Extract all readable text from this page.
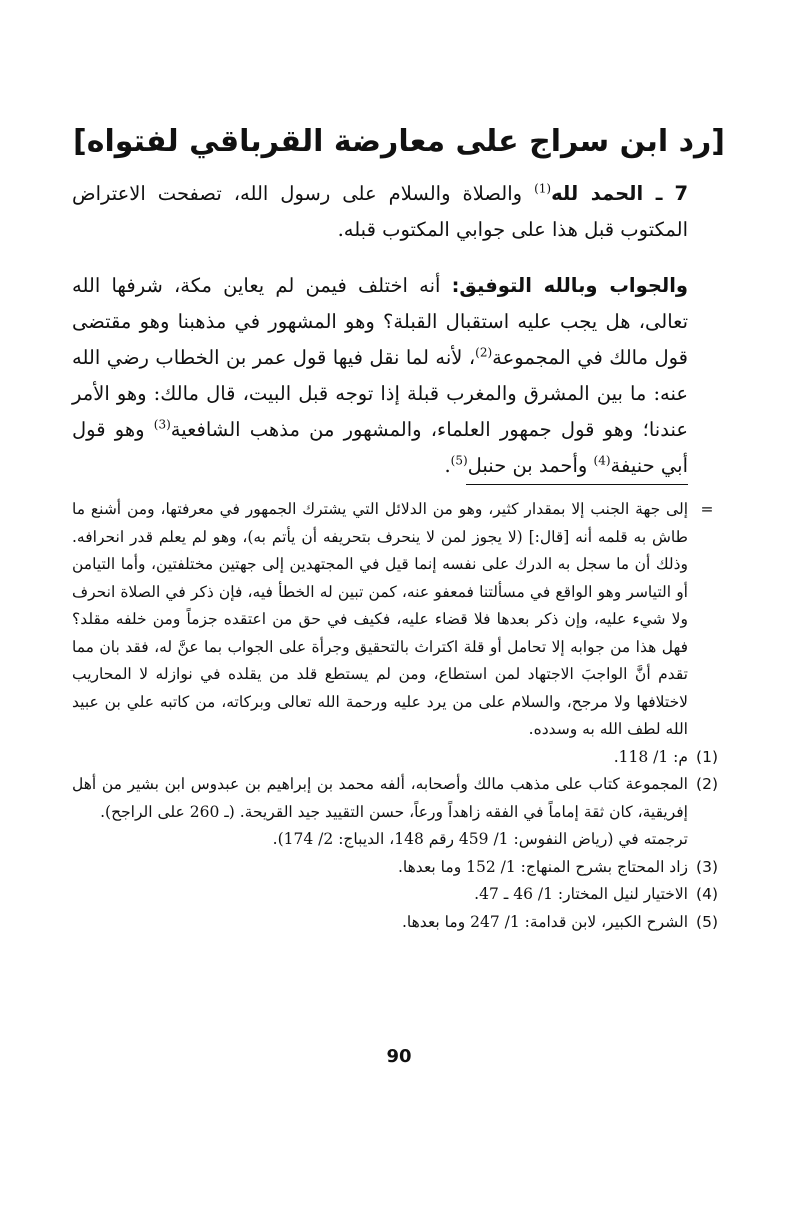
[رد ابن سراج على معارضة القرباقي لفتواه]
7 ـ الحمد لله$^{(1)}$ والصلاة والسلام على رسول الله، تصفحت الاعتراض المكتوب قبل هذا على جوابي المكتوب قبله.
والجواب وبالله التوفيق: أنه اختلف فيمن لم يعاين مكة، شرفها الله تعالى، هل يجب عليه استقبال القبلة؟ وهو المشهور في مذهبنا وهو مقتضى قول مالك في المجموعة$^{(2)}$، لأنه لما نقل فيها قول عمر بن الخطاب رضي الله عنه: ما بين المشرق والمغرب قبلة إذا توجه قبل البيت، قال مالك: وهو الأمر عندنا؛ وهو قول جمهور العلماء، والمشهور من مذهب الشافعية$^{(3)}$ وهو قول أبي حنيفة$^{(4)}$ وأحمد بن حنبل$^{(5)}$.
=
إلى جهة الجنب إلا بمقدار كثير، وهو من الدلائل التي يشترك الجمهور في معرفتها، ومن أشنع ما طاش به قلمه أنه [قال:] (لا يجوز لمن لا ينحرف بتحريفه أن يأتم به)، وهو لم يعلم قدر انحرافه. وذلك أن ما سجل به الدرك على نفسه إنما قيل في المجتهدين إلى جهتين مختلفتين، وأما التيامن أو التياسر وهو الواقع في مسألتنا فمعفو عنه، كمن تبين له الخطأ فيه، فإن ذكر في الصلاة انحرف ولا شيء عليه، وإن ذكر بعدها فلا قضاء عليه، فكيف في حق من اعتقده جزماً ومن خلفه مقلد؟ فهل هذا من جوابه إلا تحامل أو قلة اكتراث بالتحقيق وجرأة على الجواب بما عنَّ له، فقد بان مما تقدم أنَّ الواجبَ الاجتهاد لمن استطاع، ومن لم يستطع قلد من يقلده في نوازله لا المحاريب لاختلافها ولا مرجح، والسلام على من يرد عليه ورحمة الله تعالى وبركاته، من كاتبه علي بن عبيد الله لطف الله به وسدده.
(1)
م: 1/ 118.
(2)
المجموعة كتاب على مذهب مالك وأصحابه، ألفه محمد بن إبراهيم بن عبدوس ابن بشير من أهل إفريقية، كان ثقة إماماً في الفقه زاهداً ورعاً، حسن التقييد جيد القريحة. (ـ 260 على الراجح).
ترجمته في (رياض النفوس: 1/ 459 رقم 148، الديباج: 2/ 174).
(3)
زاد المحتاج بشرح المنهاج: 1/ 152 وما بعدها.
(4)
الاختيار لنيل المختار: 1/ 46 ـ 47.
(5)
الشرح الكبير، لابن قدامة: 1/ 247 وما بعدها.
90
